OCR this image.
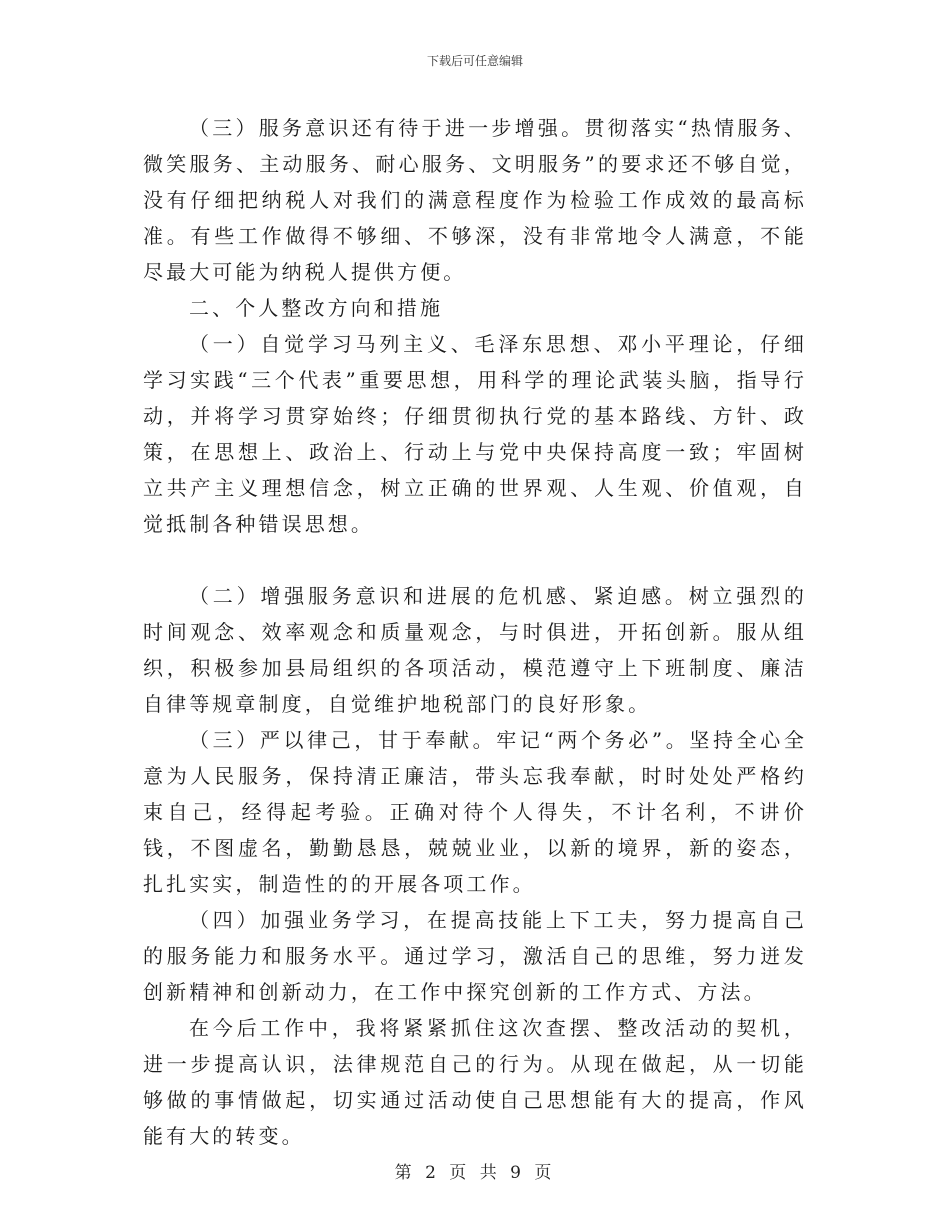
下载后可任意编辑

（三）服务意识还有待于进一步增强。贯彻落实“热情服务、微笑服务、主动服务、耐心服务、文明服务”的要求还不够自觉，没有仔细把纳税人对我们的满意程度作为检验工作成效的最高标准。有些工作做得不够细、不够深，没有非常地令人满意，不能尽最大可能为纳税人提供方便。

二、个人整改方向和措施

（一）自觉学习马列主义、毛泽东思想、邓小平理论，仔细学习实践“三个代表”重要思想，用科学的理论武装头脑，指导行动，并将学习贯穿始终；仔细贯彻执行党的基本路线、方针、政策，在思想上、政治上、行动上与党中央保持高度一致；牢固树立共产主义理想信念，树立正确的世界观、人生观、价值观，自觉抵制各种错误思想。

（二）增强服务意识和进展的危机感、紧迫感。树立强烈的时间观念、效率观念和质量观念，与时俱进，开拓创新。服从组织，积极参加县局组织的各项活动，模范遵守上下班制度、廉洁自律等规章制度，自觉维护地税部门的良好形象。

（三）严以律己，甘于奉献。牢记“两个务必”。坚持全心全意为人民服务，保持清正廉洁，带头忘我奉献，时时处处严格约束自己，经得起考验。正确对待个人得失，不计名利，不讲价钱，不图虚名，勤勤恳恳，兢兢业业，以新的境界，新的姿态，扎扎实实，制造性的的开展各项工作。

（四）加强业务学习，在提高技能上下工夫，努力提高自己的服务能力和服务水平。通过学习，激活自己的思维，努力迸发创新精神和创新动力，在工作中探究创新的工作方式、方法。

在今后工作中，我将紧紧抓住这次查摆、整改活动的契机，进一步提高认识，法律规范自己的行为。从现在做起，从一切能够做的事情做起，切实通过活动使自己思想能有大的提高，作风能有大的转变。

第 2 页 共 9 页
